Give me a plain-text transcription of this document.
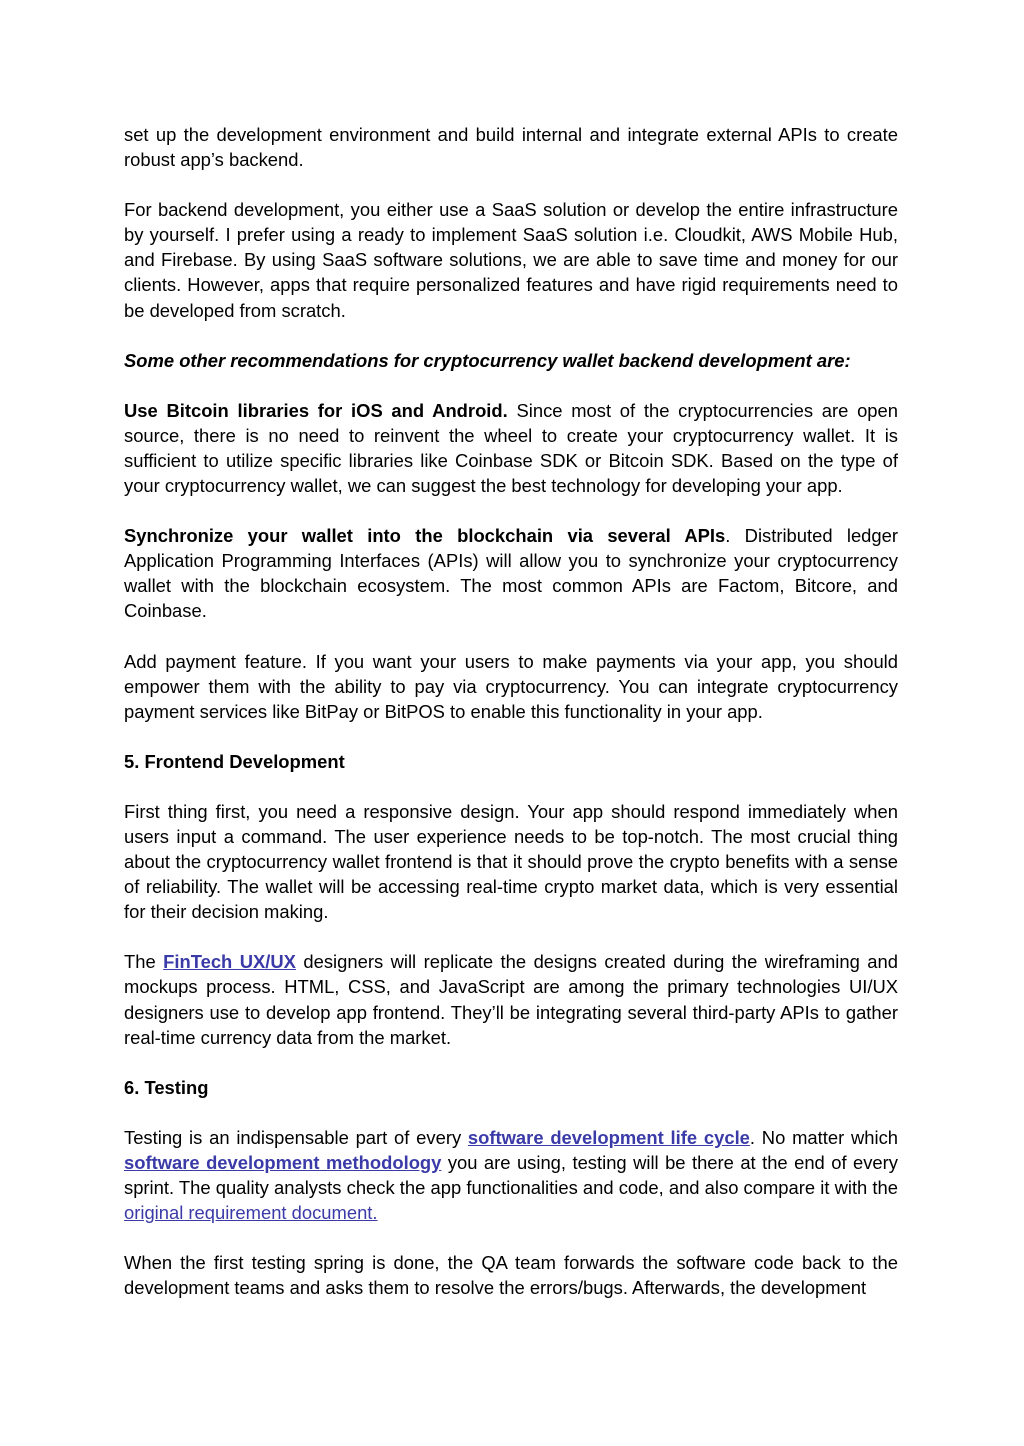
set up the development environment and build internal and integrate external APIs to create robust app’s backend.

For backend development, you either use a SaaS solution or develop the entire infrastructure by yourself. I prefer using a ready to implement SaaS solution i.e. Cloudkit, AWS Mobile Hub, and Firebase. By using SaaS software solutions, we are able to save time and money for our clients. However, apps that require personalized features and have rigid requirements need to be developed from scratch.

Some other recommendations for cryptocurrency wallet backend development are:

Use Bitcoin libraries for iOS and Android. Since most of the cryptocurrencies are open source, there is no need to reinvent the wheel to create your cryptocurrency wallet. It is sufficient to utilize specific libraries like Coinbase SDK or Bitcoin SDK. Based on the type of your cryptocurrency wallet, we can suggest the best technology for developing your app.

Synchronize your wallet into the blockchain via several APIs. Distributed ledger Application Programming Interfaces (APIs) will allow you to synchronize your cryptocurrency wallet with the blockchain ecosystem. The most common APIs are Factom, Bitcore, and Coinbase.

Add payment feature. If you want your users to make payments via your app, you should empower them with the ability to pay via cryptocurrency. You can integrate cryptocurrency payment services like BitPay or BitPOS to enable this functionality in your app.

5. Frontend Development

First thing first, you need a responsive design. Your app should respond immediately when users input a command. The user experience needs to be top-notch. The most crucial thing about the cryptocurrency wallet frontend is that it should prove the crypto benefits with a sense of reliability. The wallet will be accessing real-time crypto market data, which is very essential for their decision making.

The FinTech UX/UX designers will replicate the designs created during the wireframing and mockups process. HTML, CSS, and JavaScript are among the primary technologies UI/UX designers use to develop app frontend. They’ll be integrating several third-party APIs to gather real-time currency data from the market.

6. Testing

Testing is an indispensable part of every software development life cycle. No matter which software development methodology you are using, testing will be there at the end of every sprint. The quality analysts check the app functionalities and code, and also compare it with the original requirement document.

When the first testing spring is done, the QA team forwards the software code back to the development teams and asks them to resolve the errors/bugs. Afterwards, the development
